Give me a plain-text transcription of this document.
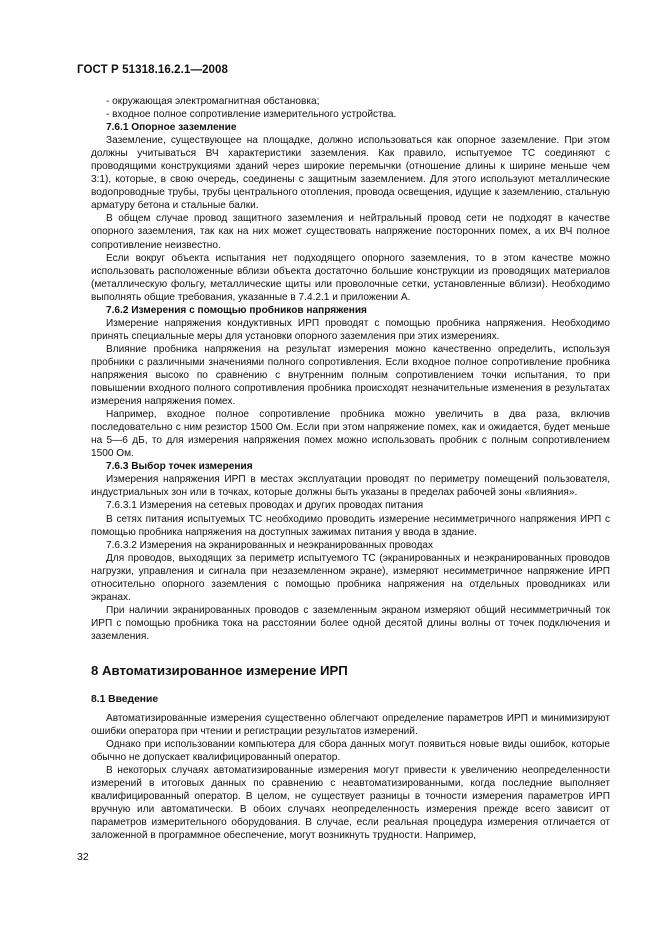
ГОСТ Р 51318.16.2.1—2008

- окружающая электромагнитная обстановка;

- входное полное сопротивление измерительного устройства.

7.6.1 Опорное заземление

Заземление, существующее на площадке, должно использоваться как опорное заземление. При этом должны учитываться ВЧ характеристики заземления. Как правило, испытуемое ТС соединяют с проводящими конструкциями зданий через широкие перемычки (отношение длины к ширине меньше чем 3:1), которые, в свою очередь, соединены с защитным заземлением. Для этого используют металлические водопроводные трубы, трубы центрального отопления, провода освещения, идущие к заземлению, стальную арматуру бетона и стальные балки.

В общем случае провод защитного заземления и нейтральный провод сети не подходят в качестве опорного заземления, так как на них может существовать напряжение посторонних помех, а их ВЧ полное сопротивление неизвестно.

Если вокруг объекта испытания нет подходящего опорного заземления, то в этом качестве можно использовать расположенные вблизи объекта достаточно большие конструкции из проводящих материалов (металлическую фольгу, металлические щиты или проволочные сетки, установленные вблизи). Необходимо выполнять общие требования, указанные в 7.4.2.1 и приложении А.

7.6.2 Измерения с помощью пробников напряжения

Измерение напряжения кондуктивных ИРП проводят с помощью пробника напряжения. Необходимо принять специальные меры для установки опорного заземления при этих измерениях.

Влияние пробника напряжения на результат измерения можно качественно определить, используя пробники с различными значениями полного сопротивления. Если входное полное сопротивление пробника напряжения высоко по сравнению с внутренним полным сопротивлением точки испытания, то при повышении входного полного сопротивления пробника происходят незначительные изменения в результатах измерения напряжения помех.

Например, входное полное сопротивление пробника можно увеличить в два раза, включив последовательно с ним резистор 1500 Ом. Если при этом напряжение помех, как и ожидается, будет меньше на 5—6 дБ, то для измерения напряжения помех можно использовать пробник с полным сопротивлением 1500 Ом.

7.6.3 Выбор точек измерения

Измерения напряжения ИРП в местах эксплуатации проводят по периметру помещений пользователя, индустриальных зон или в точках, которые должны быть указаны в пределах рабочей зоны «влияния».

7.6.3.1 Измерения на сетевых проводах и других проводах питания

В сетях питания испытуемых ТС необходимо проводить измерение несимметричного напряжения ИРП с помощью пробника напряжения на доступных зажимах питания у ввода в здание.

7.6.3.2 Измерения на экранированных и неэкранированных проводах

Для проводов, выходящих за периметр испытуемого ТС (экранированных и неэкранированных проводов нагрузки, управления и сигнала при незаземленном экране), измеряют несимметричное напряжение ИРП относительно опорного заземления с помощью пробника напряжения на отдельных проводниках или экранах.

При наличии экранированных проводов с заземленным экраном измеряют общий несимметричный ток ИРП с помощью пробника тока на расстоянии более одной десятой длины волны от точек подключения и заземления.

8 Автоматизированное измерение ИРП
8.1 Введение

Автоматизированные измерения существенно облегчают определение параметров ИРП и минимизируют ошибки оператора при чтении и регистрации результатов измерений.

Однако при использовании компьютера для сбора данных могут появиться новые виды ошибок, которые обычно не допускает квалифицированный оператор.

В некоторых случаях автоматизированные измерения могут привести к увеличению неопределенности измерений в итоговых данных по сравнению с неавтоматизированными, когда последние выполняет квалифицированный оператор. В целом, не существует разницы в точности измерения параметров ИРП вручную или автоматически. В обоих случаях неопределенность измерения прежде всего зависит от параметров измерительного оборудования. В случае, если реальная процедура измерения отличается от заложенной в программное обеспечение, могут возникнуть трудности. Например,

32
